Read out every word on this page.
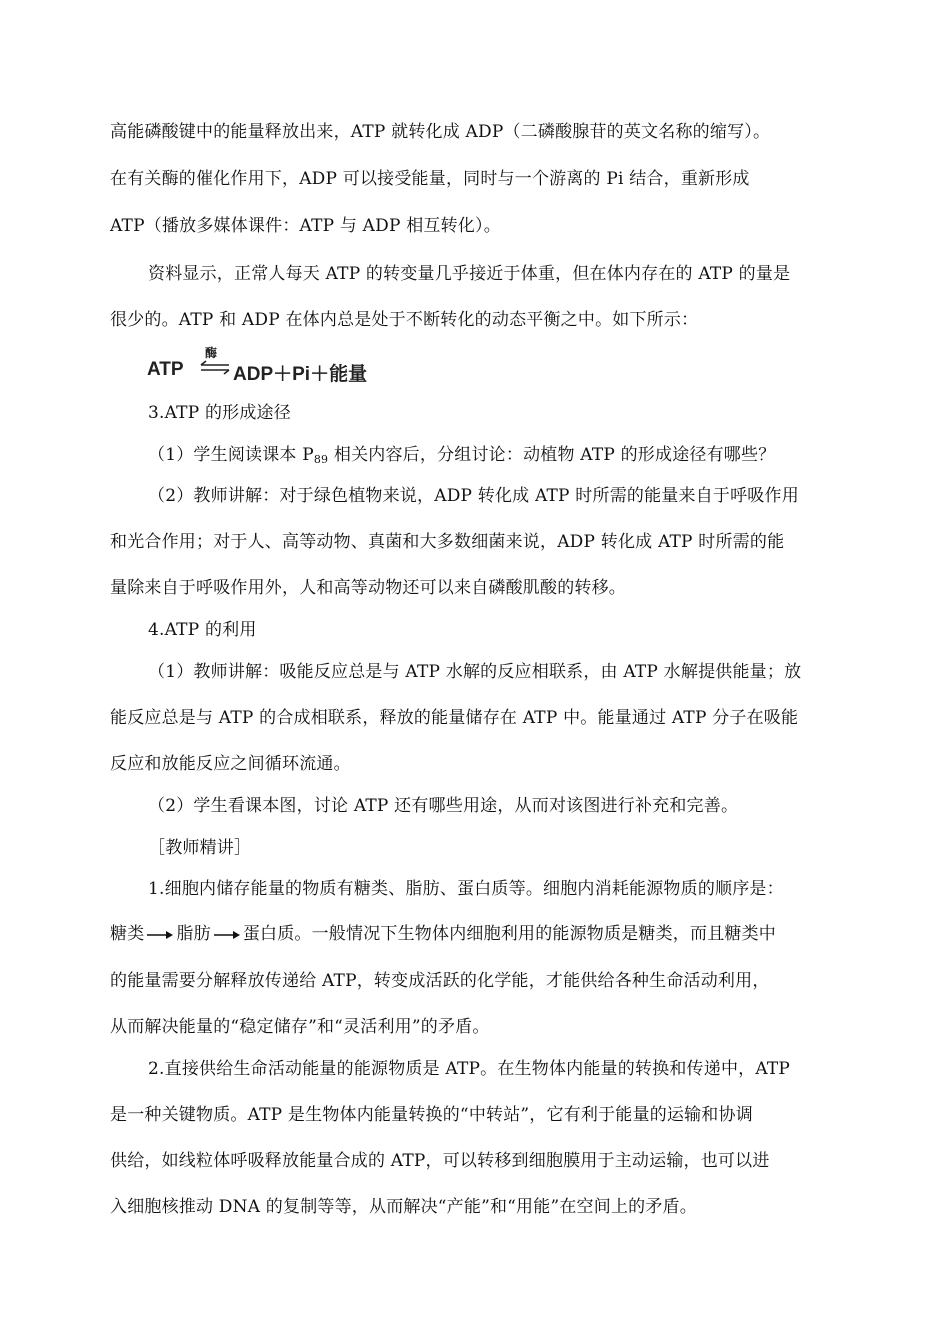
高能磷酸键中的能量释放出来，ATP 就转化成 ADP（二磷酸腺苷的英文名称的缩写）。
在有关酶的催化作用下，ADP 可以接受能量，同时与一个游离的 Pi 结合，重新形成
ATP（播放多媒体课件：ATP 与 ADP 相互转化）。
资料显示，正常人每天 ATP 的转变量几乎接近于体重，但在体内存在的 ATP 的量是
很少的。ATP 和 ADP 在体内总是处于不断转化的动态平衡之中。如下所示：
ATP
酶
⇌ ADP＋Pi＋能量
3.ATP 的形成途径
（1）学生阅读课本 $P_{89}$ 相关内容后，分组讨论：动植物 ATP 的形成途径有哪些？
（2）教师讲解：对于绿色植物来说，ADP 转化成 ATP 时所需的能量来自于呼吸作用
和光合作用；对于人、高等动物、真菌和大多数细菌来说，ADP 转化成 ATP 时所需的能
量除来自于呼吸作用外，人和高等动物还可以来自磷酸肌酸的转移。
4.ATP 的利用
（1）教师讲解：吸能反应总是与 ATP 水解的反应相联系，由 ATP 水解提供能量；放
能反应总是与 ATP 的合成相联系，释放的能量储存在 ATP 中。能量通过 ATP 分子在吸能
反应和放能反应之间循环流通。
（2）学生看课本图，讨论 ATP 还有哪些用途，从而对该图进行补充和完善。
［教师精讲］
1.细胞内储存能量的物质有糖类、脂肪、蛋白质等。细胞内消耗能源物质的顺序是：
糖类 脂肪 蛋白质。一般情况下生物体内细胞利用的能源物质是糖类，而且糖类中
的能量需要分解释放传递给 ATP，转变成活跃的化学能，才能供给各种生命活动利用，
从而解决能量的“稳定储存”和“灵活利用”的矛盾。
2.直接供给生命活动能量的能源物质是 ATP。在生物体内能量的转换和传递中，ATP
是一种关键物质。ATP 是生物体内能量转换的“中转站”，它有利于能量的运输和协调
供给，如线粒体呼吸释放能量合成的 ATP，可以转移到细胞膜用于主动运输，也可以进
入细胞核推动 DNA 的复制等等，从而解决“产能”和“用能”在空间上的矛盾。
